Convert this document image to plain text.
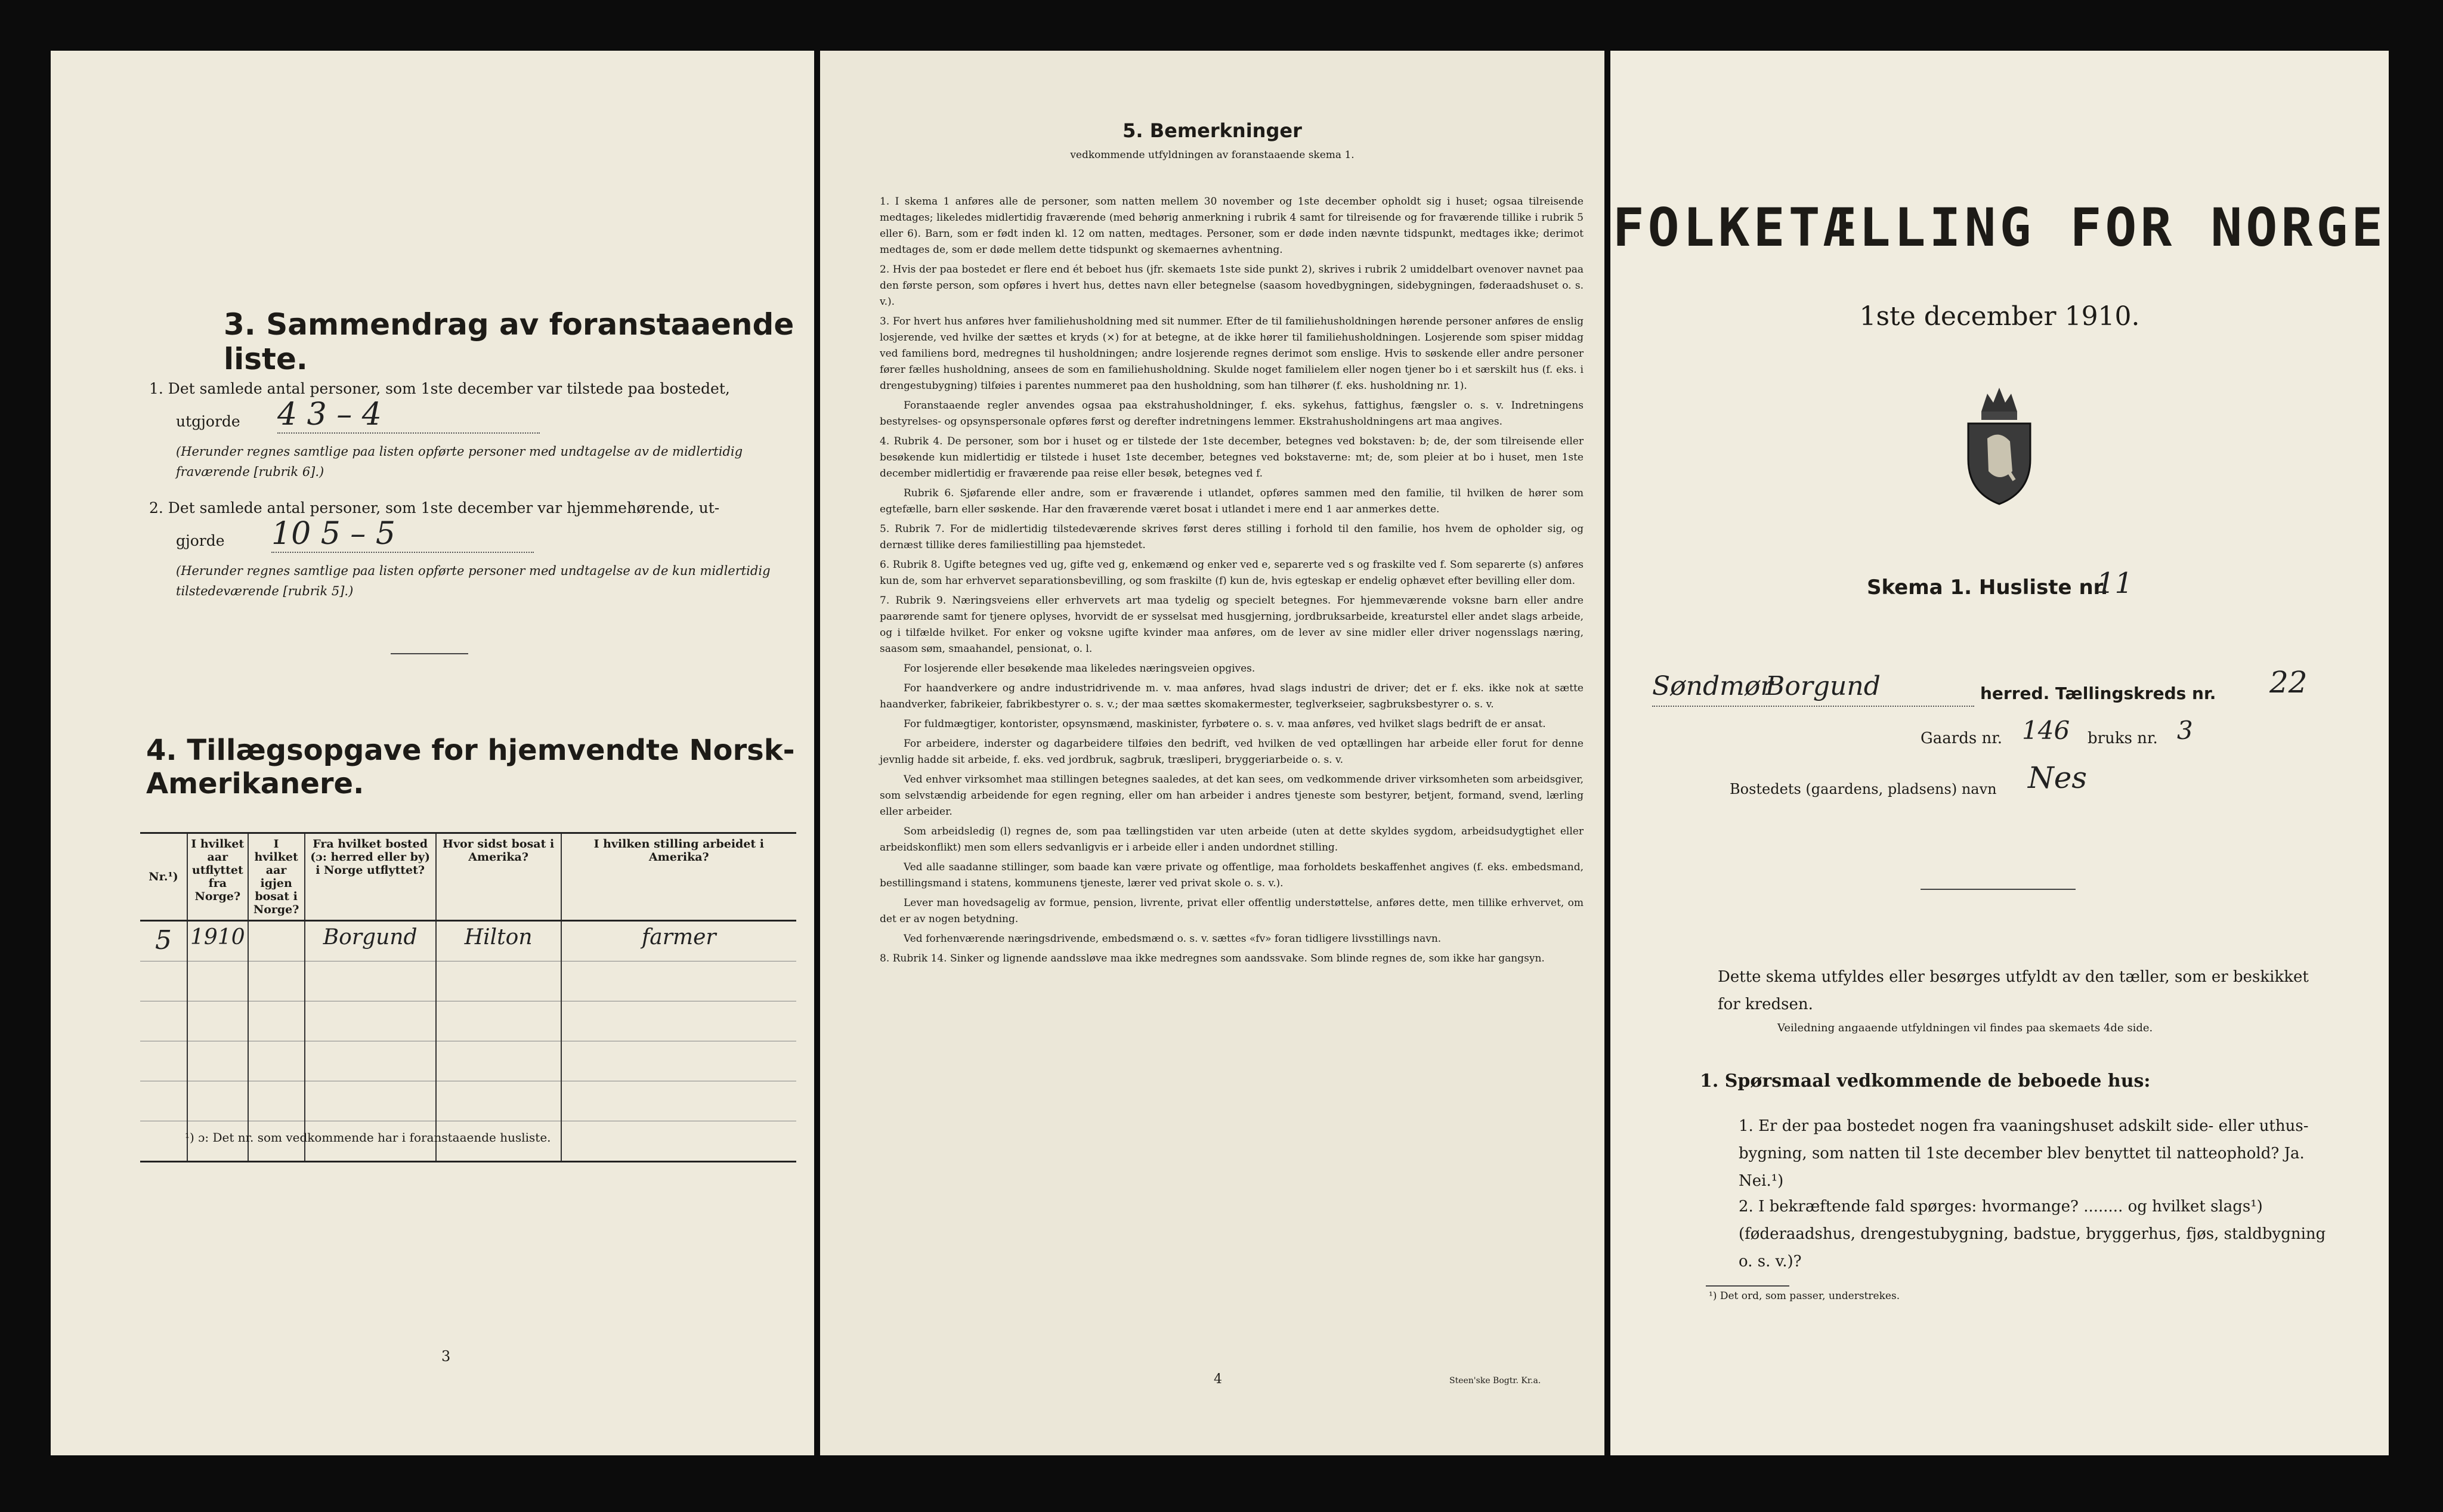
3. Sammendrag av foranstaaende liste.
1. Det samlede antal personer, som 1ste december var tilstede paa bostedet,
utgjorde 4 3 – 4
(Herunder regnes samtlige paa listen opførte personer med undtagelse av de midlertidig fraværende [rubrik 6].)
2. Det samlede antal personer, som 1ste december var hjemmehørende, ut-
gjorde 10 5 – 5
(Herunder regnes samtlige paa listen opførte personer med undtagelse av de kun midlertidig tilstedeværende [rubrik 5].)
4. Tillægsopgave for hjemvendte Norsk-Amerikanere.
Nr.¹)	I hvilket aar utflyttet fra Norge?	I hvilket aar igjen bosat i Norge?	Fra hvilket bosted (ɔ: herred eller by) i Norge utflyttet?	Hvor sidst bosat i Amerika?	I hvilken stilling arbeidet i Amerika?
5	1910		Borgund	Hilton	farmer

¹) ɔ: Det nr. som vedkommende har i foranstaaende husliste.
3
5. Bemerkninger
vedkommende utfyldningen av foranstaaende skema 1.

1. I skema 1 anføres alle de personer, som natten mellem 30 november og 1ste december opholdt sig i huset; ogsaa tilreisende medtages; likeledes midlertidig fraværende (med behørig anmerkning i rubrik 4 samt for tilreisende og for fraværende tillike i rubrik 5 eller 6). Barn, som er født inden kl. 12 om natten, medtages. Personer, som er døde inden nævnte tidspunkt, medtages ikke; derimot medtages de, som er døde mellem dette tidspunkt og skemaernes avhentning.

2. Hvis der paa bostedet er flere end ét beboet hus (jfr. skemaets 1ste side punkt 2), skrives i rubrik 2 umiddelbart ovenover navnet paa den første person, som opføres i hvert hus, dettes navn eller betegnelse (saasom hovedbygningen, sidebygningen, føderaadshuset o. s. v.).

3. For hvert hus anføres hver familiehusholdning med sit nummer. Efter de til familiehusholdningen hørende personer anføres de enslig losjerende, ved hvilke der sættes et kryds (×) for at betegne, at de ikke hører til familiehusholdningen. Losjerende som spiser middag ved familiens bord, medregnes til husholdningen; andre losjerende regnes derimot som enslige. Hvis to søskende eller andre personer fører fælles husholdning, ansees de som en familiehusholdning. Skulde noget familielem eller nogen tjener bo i et særskilt hus (f. eks. i drengestubygning) tilføies i parentes nummeret paa den husholdning, som han tilhører (f. eks. husholdning nr. 1).

Foranstaaende regler anvendes ogsaa paa ekstrahusholdninger, f. eks. sykehus, fattighus, fængsler o. s. v. Indretningens bestyrelses- og opsynspersonale opføres først og derefter indretningens lemmer. Ekstrahusholdningens art maa angives.

4. Rubrik 4. De personer, som bor i huset og er tilstede der 1ste december, betegnes ved bokstaven: b; de, der som tilreisende eller besøkende kun midlertidig er tilstede i huset 1ste december, betegnes ved bokstaverne: mt; de, som pleier at bo i huset, men 1ste december midlertidig er fraværende paa reise eller besøk, betegnes ved f.

Rubrik 6. Sjøfarende eller andre, som er fraværende i utlandet, opføres sammen med den familie, til hvilken de hører som egtefælle, barn eller søskende. Har den fraværende været bosat i utlandet i mere end 1 aar anmerkes dette.

5. Rubrik 7. For de midlertidig tilstedeværende skrives først deres stilling i forhold til den familie, hos hvem de opholder sig, og dernæst tillike deres familiestilling paa hjemstedet.

6. Rubrik 8. Ugifte betegnes ved ug, gifte ved g, enkemænd og enker ved e, separerte ved s og fraskilte ved f. Som separerte (s) anføres kun de, som har erhvervet separationsbevilling, og som fraskilte (f) kun de, hvis egteskap er endelig ophævet efter bevilling eller dom.

7. Rubrik 9. Næringsveiens eller erhvervets art maa tydelig og specielt betegnes. For hjemmeværende voksne barn eller andre paarørende samt for tjenere oplyses, hvorvidt de er sysselsat med husgjerning, jordbruksarbeide, kreaturstel eller andet slags arbeide, og i tilfælde hvilket. For enker og voksne ugifte kvinder maa anføres, om de lever av sine midler eller driver nogensslags næring, saasom søm, smaahandel, pensionat, o. l.

For losjerende eller besøkende maa likeledes næringsveien opgives.

For haandverkere og andre industridrivende m. v. maa anføres, hvad slags industri de driver; det er f. eks. ikke nok at sætte haandverker, fabrikeier, fabrikbestyrer o. s. v.; der maa sættes skomakermester, teglverkseier, sagbruksbestyrer o. s. v.

For fuldmægtiger, kontorister, opsynsmænd, maskinister, fyrbøtere o. s. v. maa anføres, ved hvilket slags bedrift de er ansat.

For arbeidere, inderster og dagarbeidere tilføies den bedrift, ved hvilken de ved optællingen har arbeide eller forut for denne jevnlig hadde sit arbeide, f. eks. ved jordbruk, sagbruk, træsliperi, bryggeriarbeide o. s. v.

Ved enhver virksomhet maa stillingen betegnes saaledes, at det kan sees, om vedkommende driver virksomheten som arbeidsgiver, som selvstændig arbeidende for egen regning, eller om han arbeider i andres tjeneste som bestyrer, betjent, formand, svend, lærling eller arbeider.

Som arbeidsledig (l) regnes de, som paa tællingstiden var uten arbeide (uten at dette skyldes sygdom, arbeidsudygtighet eller arbeidskonflikt) men som ellers sedvanligvis er i arbeide eller i anden undordnet stilling.

Ved alle saadanne stillinger, som baade kan være private og offentlige, maa forholdets beskaffenhet angives (f. eks. embedsmand, bestillingsmand i statens, kommunens tjeneste, lærer ved privat skole o. s. v.).

Lever man hovedsagelig av formue, pension, livrente, privat eller offentlig understøttelse, anføres dette, men tillike erhvervet, om det er av nogen betydning.

Ved forhenværende næringsdrivende, embedsmænd o. s. v. sættes «fv» foran tidligere livsstillings navn.

8. Rubrik 14. Sinker og lignende aandssløve maa ikke medregnes som aandssvake. Som blinde regnes de, som ikke har gangsyn.

4	Steen'ske Bogtr. Kr.a.
FOLKETÆLLING FOR NORGE
1ste december 1910.
Skema 1. Husliste nr.
11
Søndmør
Borgund	herred. Tællingskreds nr. 22
Gaards nr. 146 bruks nr. 3
Bostedets (gaardens, pladsens) navn Nes
Dette skema utfyldes eller besørges utfyldt av den tæller, som er beskikket for kredsen.
Veiledning angaaende utfyldningen vil findes paa skemaets 4de side.
1. Spørsmaal vedkommende de beboede hus:
1. Er der paa bostedet nogen fra vaaningshuset adskilt side- eller uthus-bygning, som natten til 1ste december blev benyttet til natteophold? Ja. Nei.¹)
2. I bekræftende fald spørges: hvormange? ........ og hvilket slags¹) (føderaadshus, drengestubygning, badstue, bryggerhus, fjøs, staldbygning o. s. v.)?
¹) Det ord, som passer, understrekes.
